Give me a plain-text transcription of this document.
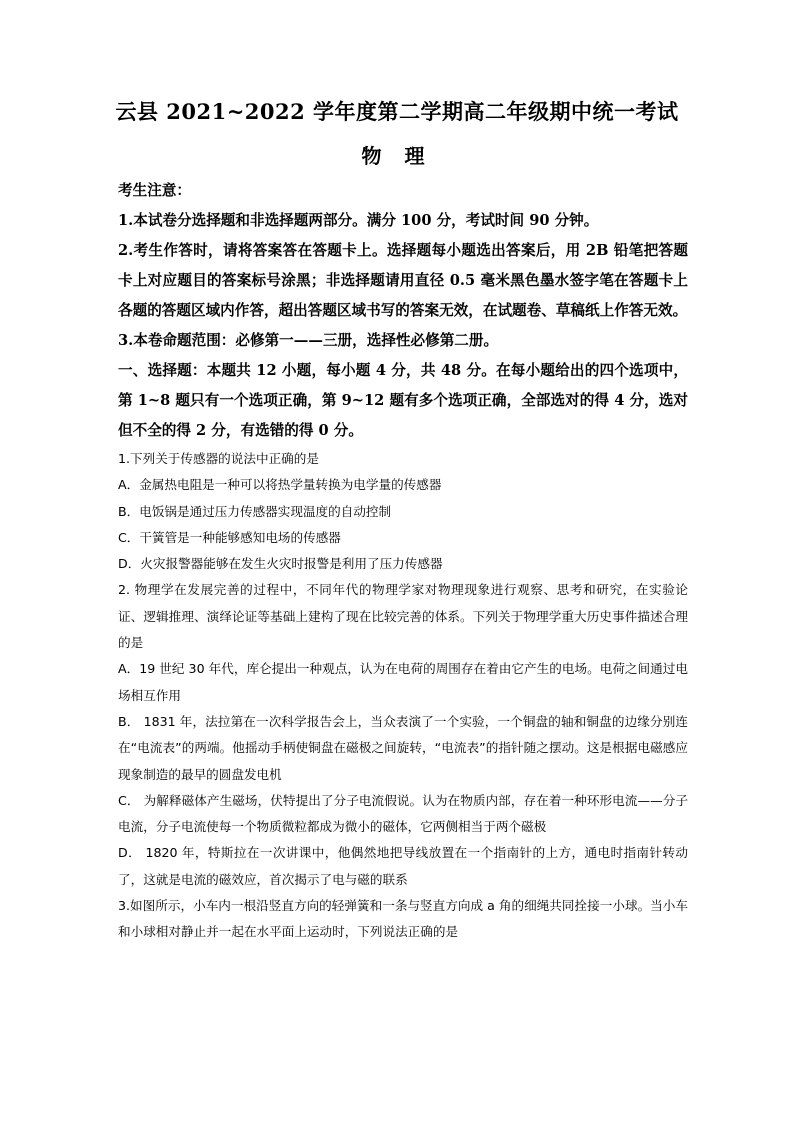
云县 2021~2022 学年度第二学期高二年级期中统一考试
物 理

考生注意：

1.本试卷分选择题和非选择题两部分。满分 100 分，考试时间 90 分钟。

2.考生作答时，请将答案答在答题卡上。选择题每小题选出答案后，用 2B 铅笔把答题卡上对应题目的答案标号涂黑；非选择题请用直径 0.5 毫米黑色墨水签字笔在答题卡上各题的答题区域内作答，超出答题区域书写的答案无效，在试题卷、草稿纸上作答无效。

3.本卷命题范围：必修第一——三册，选择性必修第二册。

一、选择题：本题共 12 小题，每小题 4 分，共 48 分。在每小题给出的四个选项中，第 1~8 题只有一个选项正确，第 9~12 题有多个选项正确，全部选对的得 4 分，选对但不全的得 2 分，有选错的得 0 分。

1.下列关于传感器的说法中正确的是

A．金属热电阻是一种可以将热学量转换为电学量的传感器

B．电饭锅是通过压力传感器实现温度的自动控制

C．干簧管是一种能够感知电场的传感器

D．火灾报警器能够在发生火灾时报警是利用了压力传感器

2. 物理学在发展完善的过程中，不同年代的物理学家对物理现象进行观察、思考和研究，在实验论证、逻辑推理、演绎论证等基础上建构了现在比较完善的体系。下列关于物理学重大历史事件描述合理的是

A．19 世纪 30 年代，库仑提出一种观点，认为在电荷的周围存在着由它产生的电场。电荷之间通过电场相互作用

B． 1831 年，法拉第在一次科学报告会上，当众表演了一个实验，一个铜盘的轴和铜盘的边缘分别连在“电流表”的两端。他摇动手柄使铜盘在磁极之间旋转，“电流表”的指针随之摆动。这是根据电磁感应现象制造的最早的圆盘发电机

C． 为解释磁体产生磁场，伏特提出了分子电流假说。认为在物质内部，存在着一种环形电流——分子电流，分子电流使每一个物质微粒都成为微小的磁体，它两侧相当于两个磁极

D． 1820 年，特斯拉在一次讲课中，他偶然地把导线放置在一个指南针的上方，通电时指南针转动了，这就是电流的磁效应，首次揭示了电与磁的联系

3.如图所示，小车内一根沿竖直方向的轻弹簧和一条与竖直方向成 a 角的细绳共同拴接一小球。当小车和小球相对静止并一起在水平面上运动时，下列说法正确的是
